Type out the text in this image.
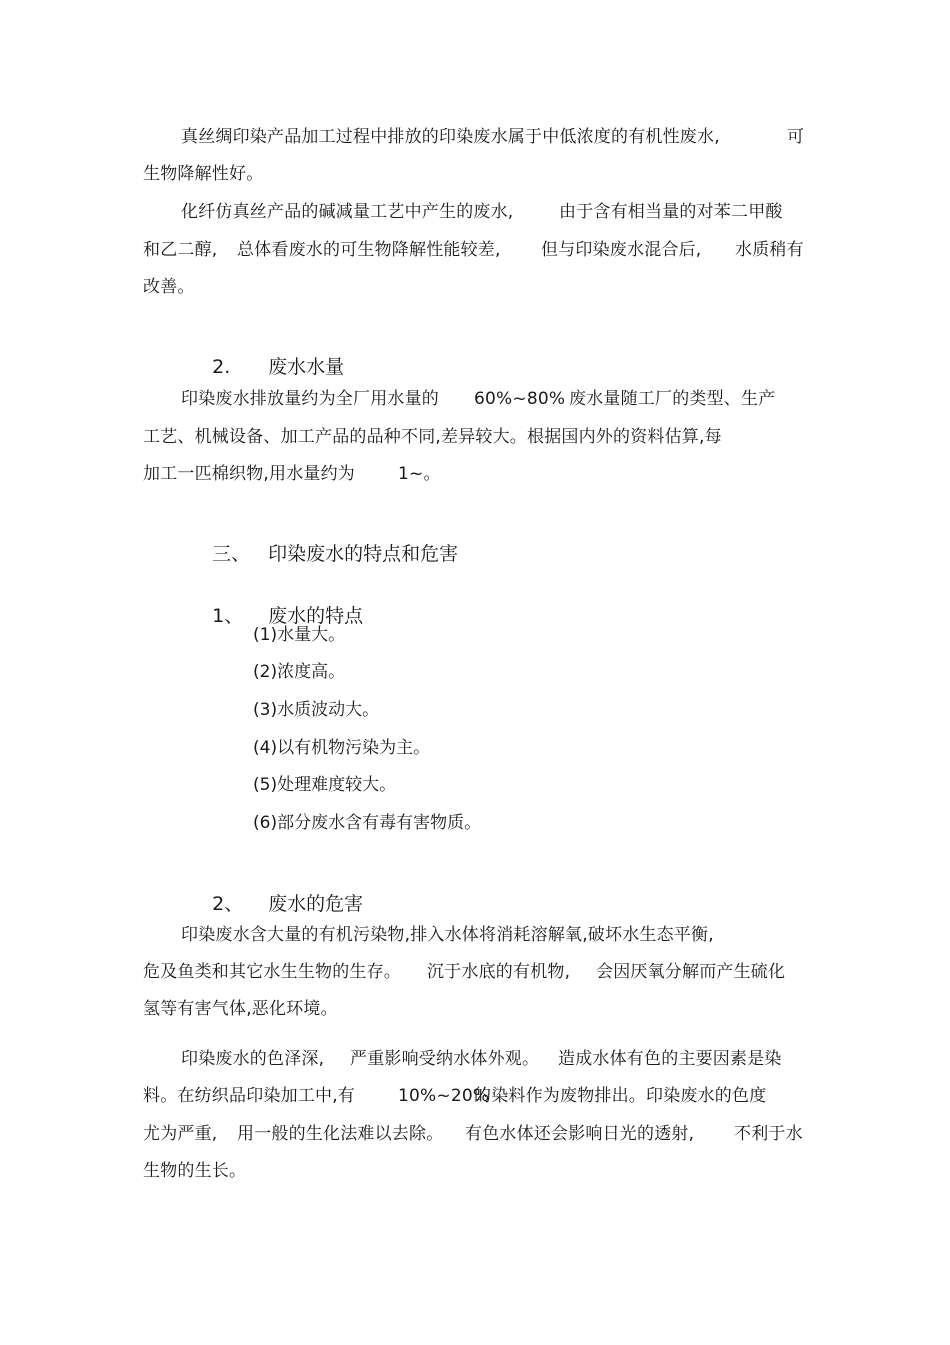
真丝绸印染产品加工过程中排放的印染废水属于中低浓度的有机性废水,	可
生物降解性好。
化纤仿真丝产品的碱减量工艺中产生的废水,	由于含有相当量的对苯二甲酸
和乙二醇, 总体看废水的可生物降解性能较差, 但与印染废水混合后, 水质稍有
改善。

2. 废水水量

印染废水排放量约为全厂用水量的 60%~80% 废水量随工厂的类型、生产
工艺、机械设备、加工产品的品种不同,差异较大。根据国内外的资料估算,每
加工一匹棉织物,用水量约为	1~。

三、 印染废水的特点和危害

1、 废水的特点

(1)水量大。
(2)浓度高。
(3)水质波动大。
(4)以有机物污染为主。
(5)处理难度较大。
(6)部分废水含有毒有害物质。

2、 废水的危害

印染废水含大量的有机污染物,排入水体将消耗溶解氧,破坏水生态平衡,
危及鱼类和其它水生生物的生存。 沉于水底的有机物, 会因厌氧分解而产生硫化
氢等有害气体,恶化环境。
印染废水的色泽深, 严重影响受纳水体外观。 造成水体有色的主要因素是染
料。在纺织品印染加工中,有	10%~20%
的染料作为废物排出。印染废水的色度
尤为严重, 用一般的生化法难以去除。 有色水体还会影响日光的透射, 不利于水
生物的生长。
